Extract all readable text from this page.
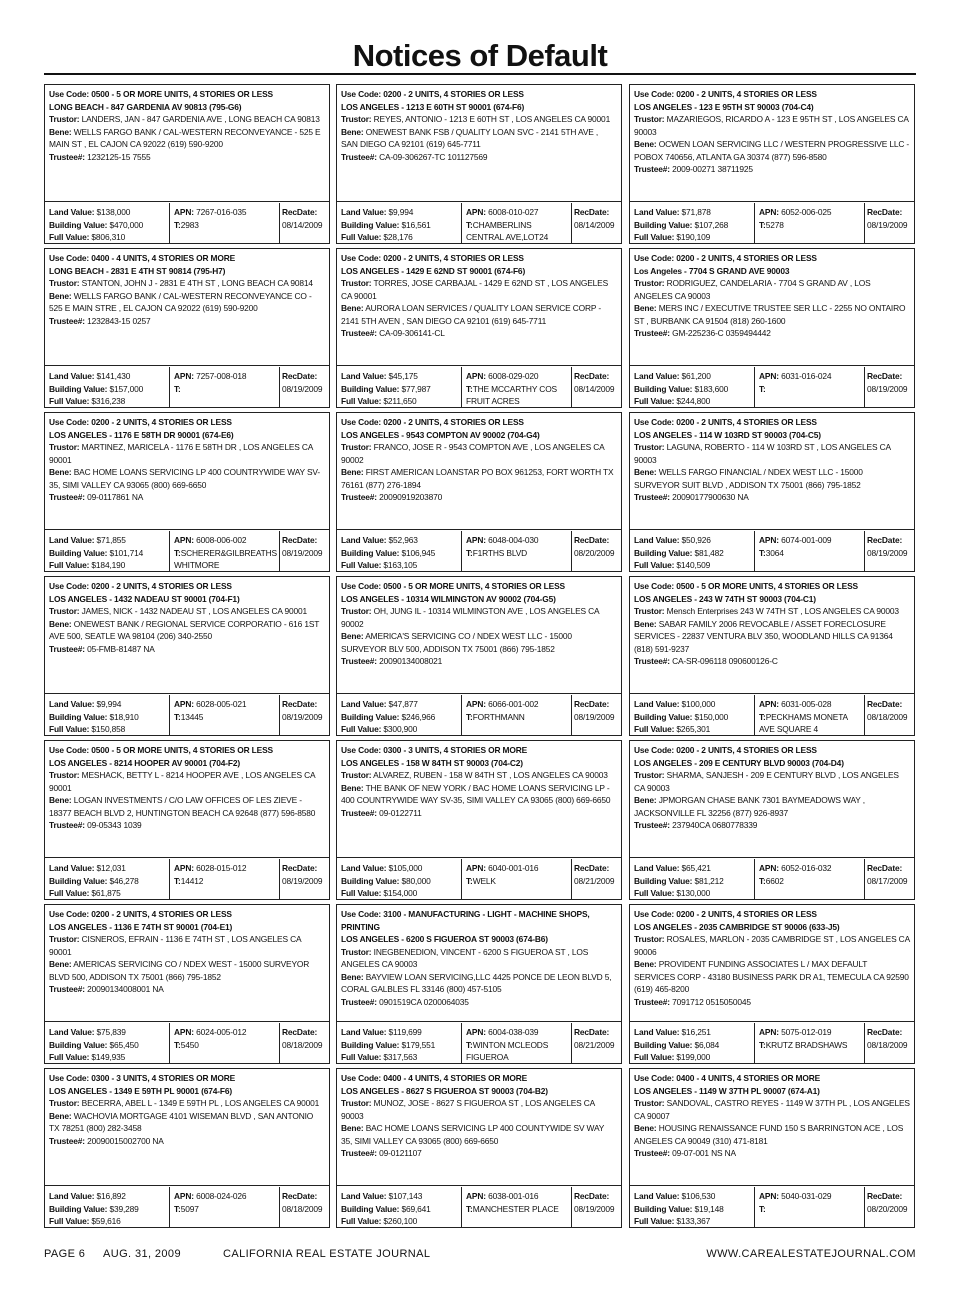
Notices of Default
Use Code: 0500 - 5 OR MORE UNITS, 4 STORIES OR LESS
LONG BEACH - 847 GARDENIA AV 90813 (795-G6)
Trustor: LANDERS, JAN - 847 GARDENIA AVE , LONG BEACH CA 90813
Bene: WELLS FARGO BANK / CAL-WESTERN RECONVEYANCE - 525 E MAIN ST , EL CAJON CA 92022 (619) 590-9200
Trustee#: 1232125-15 7555
Land Value: $138,000
Building Value: $470,000
Full Value: $806,310
APN: 7267-016-035
T:2983
RecDate:
08/14/2009
Use Code: 0200 - 2 UNITS, 4 STORIES OR LESS
LOS ANGELES - 1213 E 60TH ST 90001 (674-F6)
Trustor: REYES, ANTONIO - 1213 E 60TH ST , LOS ANGELES CA 90001
Bene: ONEWEST BANK FSB / QUALITY LOAN SVC - 2141 5TH AVE , SAN DIEGO CA 92101 (619) 645-7711
Trustee#: CA-09-306267-TC 101127569
Land Value: $9,994
Building Value: $16,561
Full Value: $28,176
APN: 6008-010-027
T:CHAMBERLINS CENTRAL AVE,LOT24
RecDate:
08/14/2009
Use Code: 0200 - 2 UNITS, 4 STORIES OR LESS
LOS ANGELES - 123 E 95TH ST 90003 (704-C4)
Trustor: MAZARIEGOS, RICARDO A - 123 E 95TH ST , LOS ANGELES CA 90003
Bene: OCWEN LOAN SERVICING LLC / WESTERN PROGRESSIVE LLC - POBOX 740656, ATLANTA GA 30374 (877) 596-8580
Trustee#: 2009-00271 38711925
Land Value: $71,878
Building Value: $107,268
Full Value: $190,109
APN: 6052-006-025
T:5278
RecDate:
08/19/2009
Use Code: 0400 - 4 UNITS, 4 STORIES OR MORE
LONG BEACH - 2831 E 4TH ST 90814 (795-H7)
Trustor: STANTON, JOHN J - 2831 E 4TH ST , LONG BEACH CA 90814
Bene: WELLS FARGO BANK / CAL-WESTERN RECONVEYANCE CO - 525 E MAIN STRE , EL CAJON CA 92022 (619) 590-9200
Trustee#: 1232843-15 0257
Land Value: $141,430
Building Value: $157,000
Full Value: $316,238
APN: 7257-008-018
T:
RecDate:
08/19/2009
Use Code: 0200 - 2 UNITS, 4 STORIES OR LESS
LOS ANGELES - 1429 E 62ND ST 90001 (674-F6)
Trustor: TORRES, JOSE CARBAJAL - 1429 E 62ND ST , LOS ANGELES CA 90001
Bene: AURORA LOAN SERVICES / QUALITY LOAN SERVICE CORP - 2141 5TH AVEN , SAN DIEGO CA 92101 (619) 645-7711
Trustee#: CA-09-306141-CL
Land Value: $45,175
Building Value: $77,987
Full Value: $211,650
APN: 6008-029-020
T:THE MCCARTHY COS FRUIT ACRES
RecDate:
08/14/2009
Use Code: 0200 - 2 UNITS, 4 STORIES OR LESS
Los Angeles - 7704 S GRAND AVE 90003
Trustor: RODRIGUEZ, CANDELARIA - 7704 S GRAND AV , LOS ANGELES CA 90003
Bene: MERS INC / EXECUTIVE TRUSTEE SER LLC - 2255 NO ONTAIRO ST , BURBANK CA 91504 (818) 260-1600
Trustee#: GM-225236-C 0359494442
Land Value: $61,200
Building Value: $183,600
Full Value: $244,800
APN: 6031-016-024
T:
RecDate:
08/19/2009
Use Code: 0200 - 2 UNITS, 4 STORIES OR LESS
LOS ANGELES - 1176 E 58TH DR 90001 (674-E6)
Trustor: MARTINEZ, MARICELA - 1176 E 58TH DR , LOS ANGELES CA 90001
Bene: BAC HOME LOANS SERVICING LP 400 COUNTRYWIDE WAY SV-35, SIMI VALLEY CA 93065 (800) 669-6650
Trustee#: 09-0117861 NA
Land Value: $71,855
Building Value: $101,714
Full Value: $184,190
APN: 6008-006-002
T:SCHERER&GILBREATHS WHITMORE
RecDate:
08/19/2009
Use Code: 0200 - 2 UNITS, 4 STORIES OR LESS
LOS ANGELES - 9543 COMPTON AV 90002 (704-G4)
Trustor: FRANCO, JOSE R - 9543 COMPTON AVE , LOS ANGELES CA 90002
Bene: FIRST AMERICAN LOANSTAR PO BOX 961253, FORT WORTH TX 76161 (877) 276-1894
Trustee#: 20090919203870
Land Value: $52,963
Building Value: $106,945
Full Value: $163,105
APN: 6048-004-030
T:F1RTHS BLVD
RecDate:
08/20/2009
Use Code: 0200 - 2 UNITS, 4 STORIES OR LESS
LOS ANGELES - 114 W 103RD ST 90003 (704-C5)
Trustor: LAGUNA, ROBERTO - 114 W 103RD ST , LOS ANGELES CA 90003
Bene: WELLS FARGO FINANCIAL / NDEX WEST LLC - 15000 SURVEYOR SUIT BLVD , ADDISON TX 75001 (866) 795-1852
Trustee#: 20090177900630 NA
Land Value: $50,926
Building Value: $81,482
Full Value: $140,509
APN: 6074-001-009
T:3064
RecDate:
08/19/2009
Use Code: 0200 - 2 UNITS, 4 STORIES OR LESS
LOS ANGELES - 1432 NADEAU ST 90001 (704-F1)
Trustor: JAMES, NICK - 1432 NADEAU ST , LOS ANGELES CA 90001
Bene: ONEWEST BANK / REGIONAL SERVICE CORPORATIO - 616 1ST AVE 500, SEATLE WA 98104 (206) 340-2550
Trustee#: 05-FMB-81487 NA
Land Value: $9,994
Building Value: $18,910
Full Value: $150,858
APN: 6028-005-021
T:13445
RecDate:
08/19/2009
Use Code: 0500 - 5 OR MORE UNITS, 4 STORIES OR LESS
LOS ANGELES - 10314 WILMINGTON AV 90002 (704-G5)
Trustor: OH, JUNG IL - 10314 WILMINGTON AVE , LOS ANGELES CA 90002
Bene: AMERICA'S SERVICING CO / NDEX WEST LLC - 15000 SURVEYOR BLV 500, ADDISON TX 75001 (866) 795-1852
Trustee#: 20090134008021
Land Value: $47,877
Building Value: $246,966
Full Value: $300,900
APN: 6066-001-002
T:FORTHMANN
RecDate:
08/19/2009
Use Code: 0500 - 5 OR MORE UNITS, 4 STORIES OR LESS
LOS ANGELES - 243 W 74TH ST 90003 (704-C1)
Trustor: Mensch Enterprises 243 W 74TH ST , LOS ANGELES CA 90003
Bene: SABAR FAMILY 2006 REVOCABLE / ASSET FORECLOSURE SERVICES - 22837 VENTURA BLV 350, WOODLAND HILLS CA 91364 (818) 591-9237
Trustee#: CA-SR-096118 090600126-C
Land Value: $100,000
Building Value: $150,000
Full Value: $265,301
APN: 6031-005-028
T:PECKHAMS MONETA AVE SQUARE 4
RecDate:
08/18/2009
Use Code: 0500 - 5 OR MORE UNITS, 4 STORIES OR LESS
LOS ANGELES - 8214 HOOPER AV 90001 (704-F2)
Trustor: MESHACK, BETTY L - 8214 HOOPER AVE , LOS ANGELES CA 90001
Bene: LOGAN INVESTMENTS / C/O LAW OFFICES OF LES ZIEVE - 18377 BEACH BLVD 2, HUNTINGTON BEACH CA 92648 (877) 596-8580
Trustee#: 09-05343 1039
Land Value: $12,031
Building Value: $46,278
Full Value: $61,875
APN: 6028-015-012
T:14412
RecDate:
08/19/2009
Use Code: 0300 - 3 UNITS, 4 STORIES OR MORE
LOS ANGELES - 158 W 84TH ST 90003 (704-C2)
Trustor: ALVAREZ, RUBEN - 158 W 84TH ST , LOS ANGELES CA 90003
Bene: THE BANK OF NEW YORK / BAC HOME LOANS SERVICING LP - 400 COUNTRYWIDE WAY SV-35, SIMI VALLEY CA 93065 (800) 669-6650
Trustee#: 09-0122711
Land Value: $105,000
Building Value: $80,000
Full Value: $154,000
APN: 6040-001-016
T:WELK
RecDate:
08/21/2009
Use Code: 0200 - 2 UNITS, 4 STORIES OR LESS
LOS ANGELES - 209 E CENTURY BLVD 90003 (704-D4)
Trustor: SHARMA, SANJESH - 209 E CENTURY BLVD , LOS ANGELES CA 90003
Bene: JPMORGAN CHASE BANK 7301 BAYMEADOWS WAY , JACKSONVILLE FL 32256 (877) 926-8937
Trustee#: 237940CA 0680778339
Land Value: $65,421
Building Value: $81,212
Full Value: $130,000
APN: 6052-016-032
T:6602
RecDate:
08/17/2009
Use Code: 0200 - 2 UNITS, 4 STORIES OR LESS
LOS ANGELES - 1136 E 74TH ST 90001 (704-E1)
Trustor: CISNEROS, EFRAIN - 1136 E 74TH ST , LOS ANGELES CA 90001
Bene: AMERICAS SERVICING CO / NDEX WEST - 15000 SURVEYOR BLVD 500, ADDISON TX 75001 (866) 795-1852
Trustee#: 20090134008001 NA
Land Value: $75,839
Building Value: $65,450
Full Value: $149,935
APN: 6024-005-012
T:5450
RecDate:
08/18/2009
Use Code: 3100 - MANUFACTURING - LIGHT - MACHINE SHOPS, PRINTING
LOS ANGELES - 6200 S FIGUEROA ST 90003 (674-B6)
Trustor: INEGBENEDION, VINCENT - 6200 S FIGUEROA ST , LOS ANGELES CA 90003
Bene: BAYVIEW LOAN SERVICING,LLC 4425 PONCE DE LEON BLVD 5, CORAL GALBLES FL 33146 (800) 457-5105
Trustee#: 0901519CA 0200064035
Land Value: $119,699
Building Value: $179,551
Full Value: $317,563
APN: 6004-038-039
T:WINTON MCLEODS FIGUEROA
RecDate:
08/21/2009
Use Code: 0200 - 2 UNITS, 4 STORIES OR LESS
LOS ANGELES - 2035 CAMBRIDGE ST 90006 (633-J5)
Trustor: ROSALES, MARLON - 2035 CAMBRIDGE ST , LOS ANGELES CA 90006
Bene: PROVIDENT FUNDING ASSOCIATES L / MAX DEFAULT SERVICES CORP - 43180 BUSINESS PARK DR A1, TEMECULA CA 92590 (619) 465-8200
Trustee#: 7091712 0515050045
Land Value: $16,251
Building Value: $6,084
Full Value: $199,000
APN: 5075-012-019
T:KRUTZ BRADSHAWS
RecDate:
08/18/2009
Use Code: 0300 - 3 UNITS, 4 STORIES OR MORE
LOS ANGELES - 1349 E 59TH PL 90001 (674-F6)
Trustor: BECERRA, ABEL L - 1349 E 59TH PL , LOS ANGELES CA 90001
Bene: WACHOVIA MORTGAGE 4101 WISEMAN BLVD , SAN ANTONIO TX 78251 (800) 282-3458
Trustee#: 20090015002700 NA
Land Value: $16,892
Building Value: $39,289
Full Value: $59,616
APN: 6008-024-026
T:5097
RecDate:
08/18/2009
Use Code: 0400 - 4 UNITS, 4 STORIES OR MORE
LOS ANGELES - 8627 S FIGUEROA ST 90003 (704-B2)
Trustor: MUNOZ, JOSE - 8627 S FIGUEROA ST , LOS ANGELES CA 90003
Bene: BAC HOME LOANS SERVICING LP 400 COUNTYWIDE SV WAY 35, SIMI VALLEY CA 93065 (800) 669-6650
Trustee#: 09-0121107
Land Value: $107,143
Building Value: $69,641
Full Value: $260,100
APN: 6038-001-016
T:MANCHESTER PLACE
RecDate:
08/19/2009
Use Code: 0400 - 4 UNITS, 4 STORIES OR MORE
LOS ANGELES - 1149 W 37TH PL 90007 (674-A1)
Trustor: SANDOVAL, CASTRO REYES - 1149 W 37TH PL , LOS ANGELES CA 90007
Bene: HOUSING RENAISSANCE FUND 150 S BARRINGTON ACE , LOS ANGELES CA 90049 (310) 471-8181
Trustee#: 09-07-001 NS NA
Land Value: $106,530
Building Value: $19,148
Full Value: $133,367
APN: 5040-031-029
T:
RecDate:
08/20/2009
PAGE 6 AUG. 31, 2009	CALIFORNIA REAL ESTATE JOURNAL	WWW.CAREALESTATEJOURNAL.COM
